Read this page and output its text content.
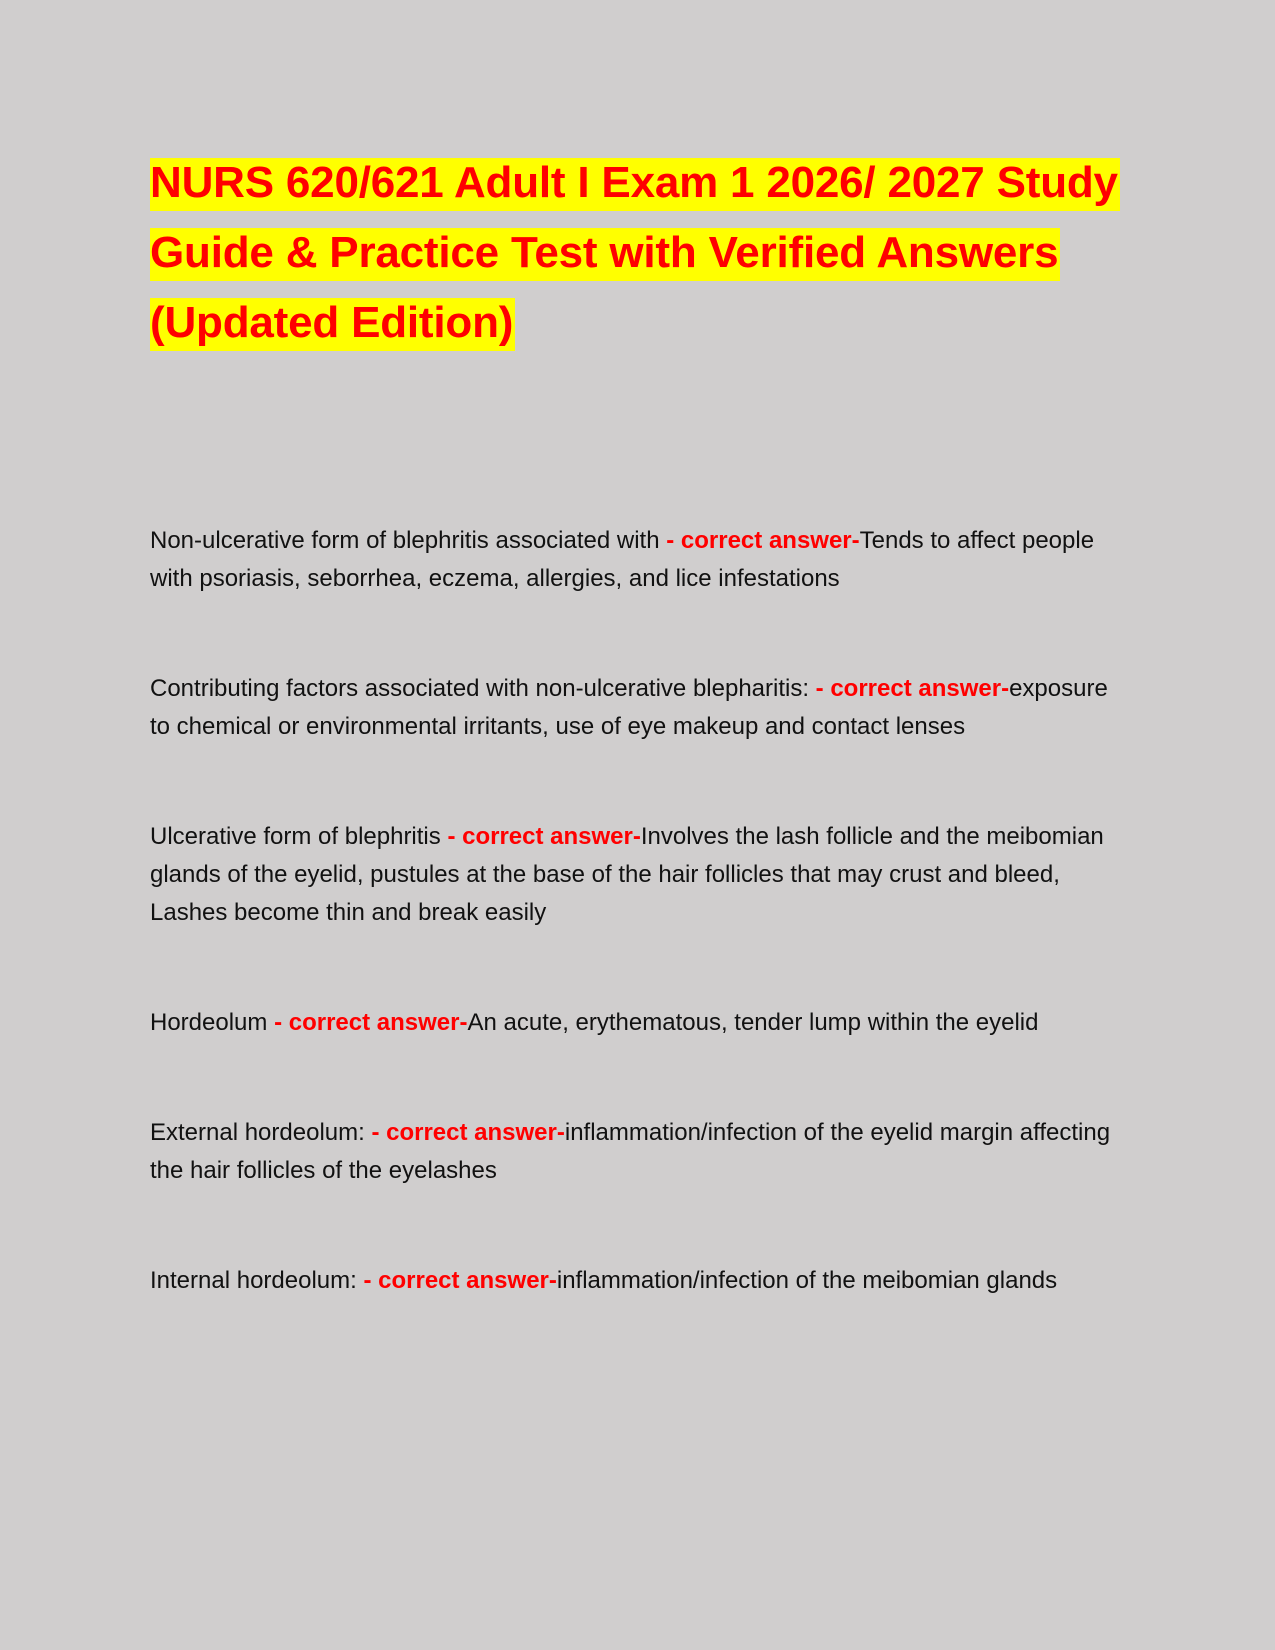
NURS 620/621 Adult I Exam 1 2026/ 2027 Study Guide & Practice Test with Verified Answers (Updated Edition)

Non-ulcerative form of blephritis associated with - correct answer-Tends to affect people with psoriasis, seborrhea, eczema, allergies, and lice infestations

Contributing factors associated with non-ulcerative blepharitis: - correct answer-exposure to chemical or environmental irritants, use of eye makeup and contact lenses

Ulcerative form of blephritis - correct answer-Involves the lash follicle and the meibomian glands of the eyelid, pustules at the base of the hair follicles that may crust and bleed, Lashes become thin and break easily

Hordeolum - correct answer-An acute, erythematous, tender lump within the eyelid

External hordeolum: - correct answer-inflammation/infection of the eyelid margin affecting the hair follicles of the eyelashes

Internal hordeolum: - correct answer-inflammation/infection of the meibomian glands
